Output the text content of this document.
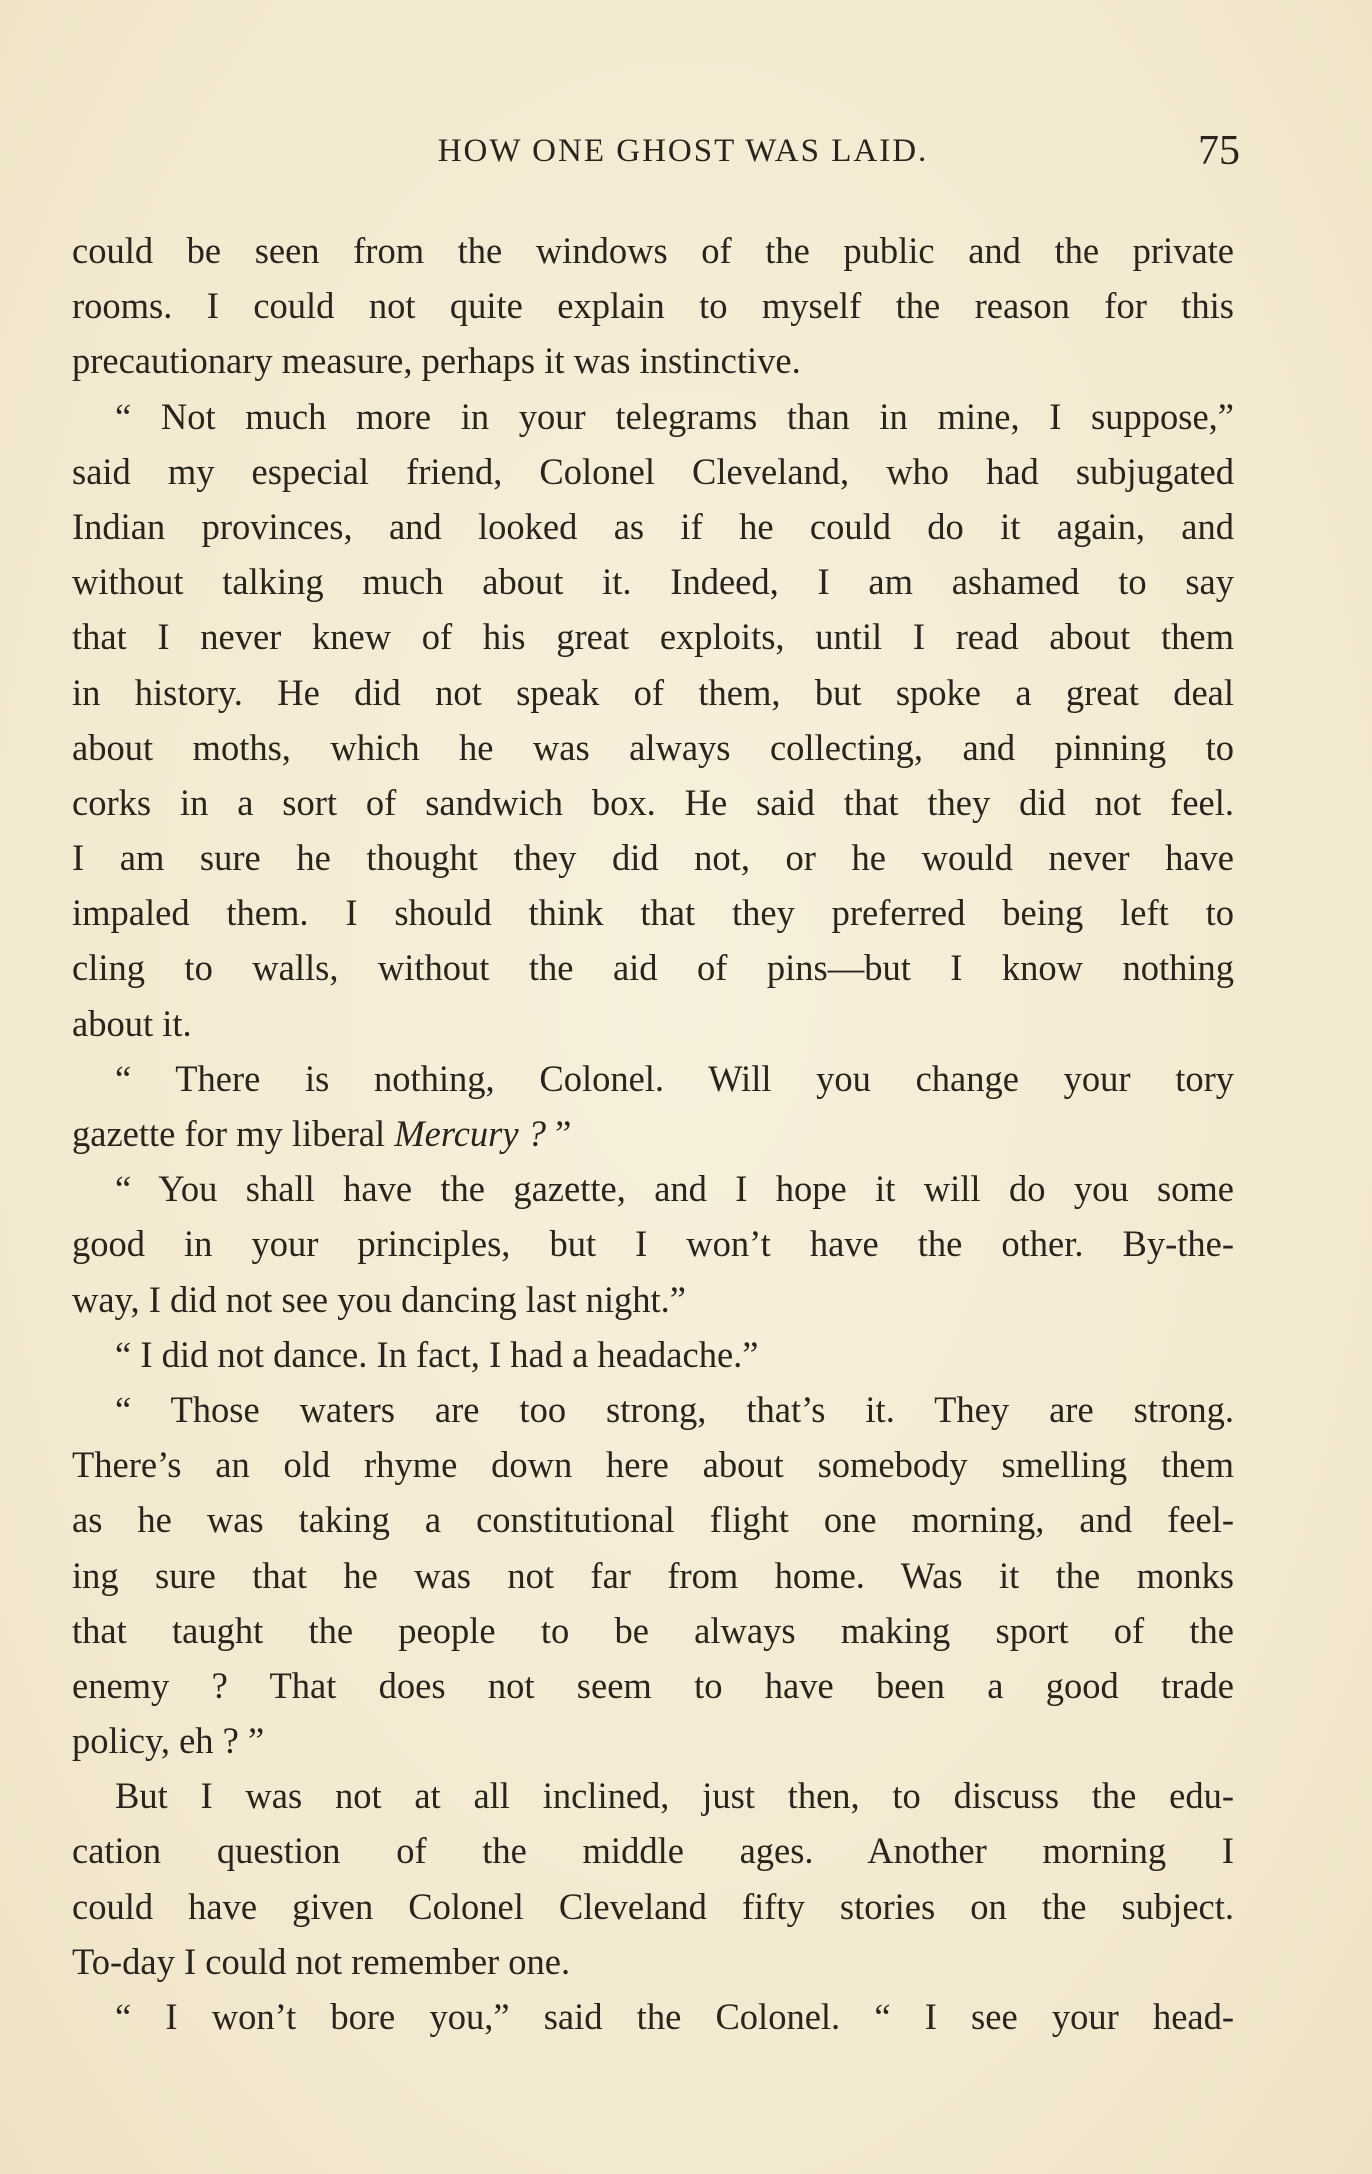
HOW ONE GHOST WAS LAID.	75
could be seen from the windows of the public and the private
rooms. I could not quite explain to myself the reason for this
precautionary measure, perhaps it was instinctive.
“ Not much more in your telegrams than in mine, I suppose,”
said my especial friend, Colonel Cleveland, who had subjugated
Indian provinces, and looked as if he could do it again, and
without talking much about it. Indeed, I am ashamed to say
that I never knew of his great exploits, until I read about them
in history. He did not speak of them, but spoke a great deal
about moths, which he was always collecting, and pinning to
corks in a sort of sandwich box. He said that they did not feel.
I am sure he thought they did not, or he would never have
impaled them. I should think that they preferred being left to
cling to walls, without the aid of pins—but I know nothing
about it.
“ There is nothing, Colonel. Will you change your tory
gazette for my liberal Mercury ? ”
“ You shall have the gazette, and I hope it will do you some
good in your principles, but I won’t have the other. By-the-
way, I did not see you dancing last night.”
“ I did not dance. In fact, I had a headache.”
“ Those waters are too strong, that’s it. They are strong.
There’s an old rhyme down here about somebody smelling them
as he was taking a constitutional flight one morning, and feel-
ing sure that he was not far from home. Was it the monks
that taught the people to be always making sport of the
enemy ? That does not seem to have been a good trade
policy, eh ? ”
But I was not at all inclined, just then, to discuss the edu-
cation question of the middle ages. Another morning I
could have given Colonel Cleveland fifty stories on the subject.
To-day I could not remember one.
“ I won’t bore you,” said the Colonel. “ I see your head-
